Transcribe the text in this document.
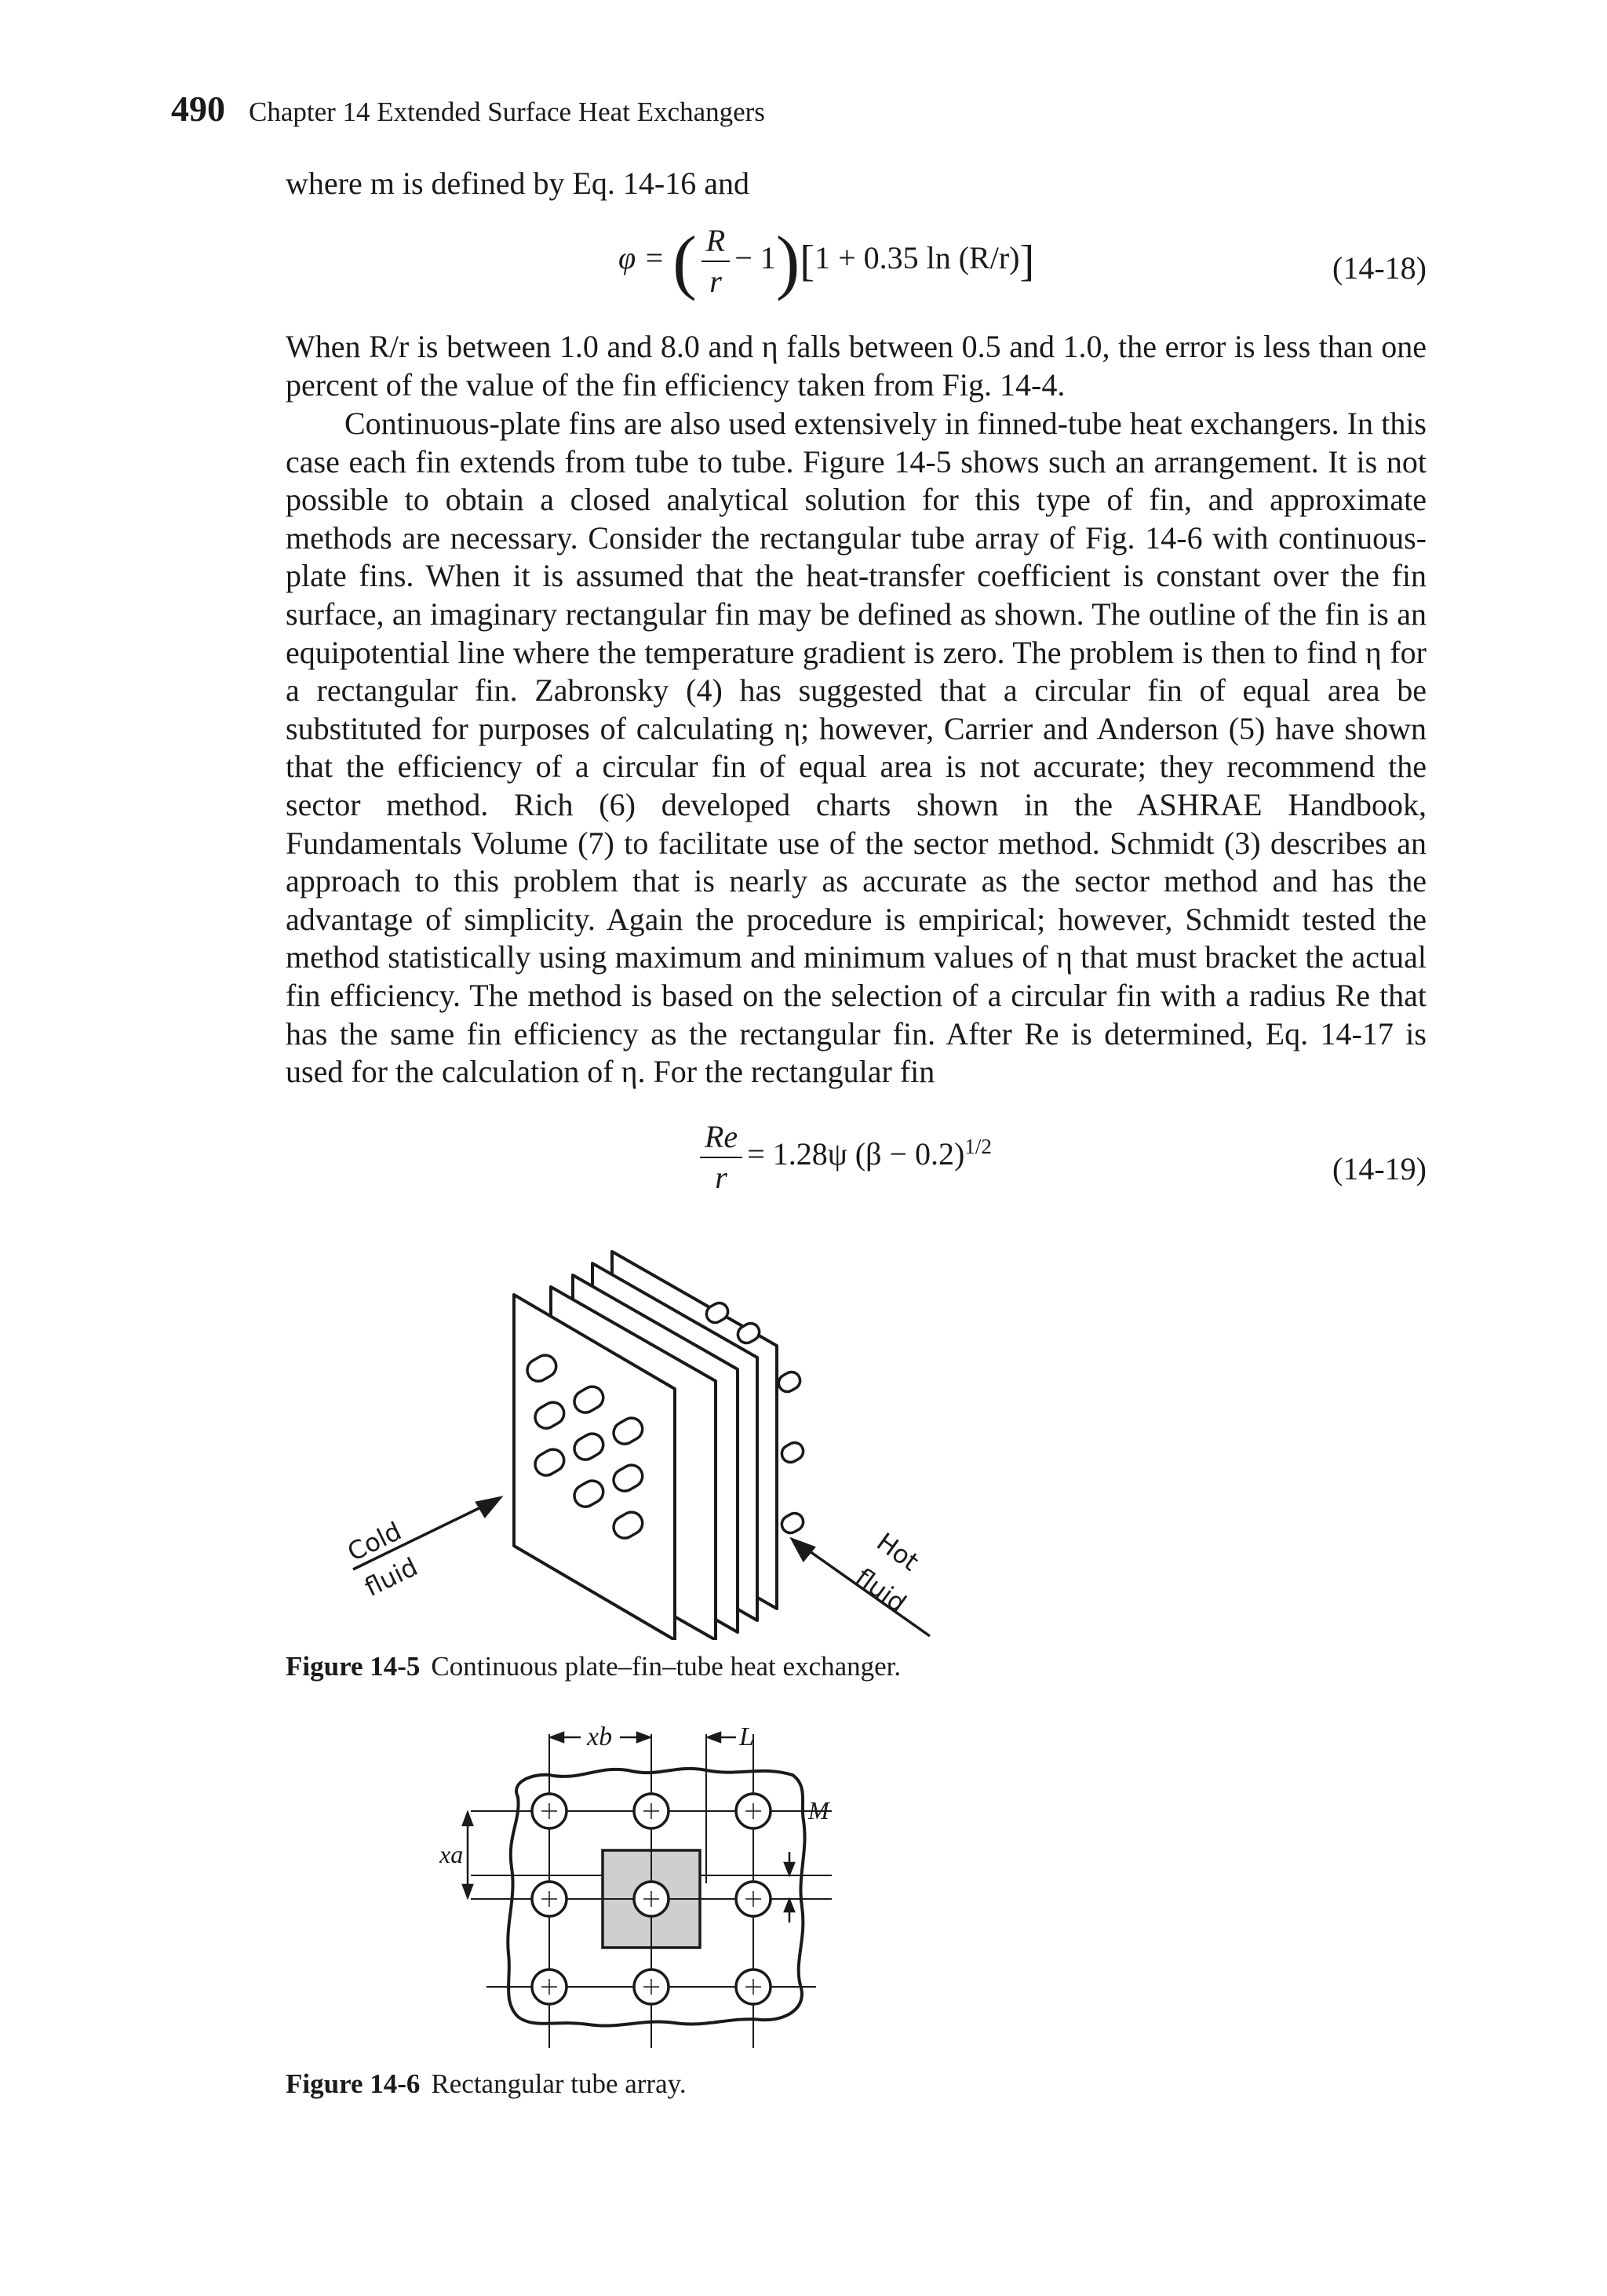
490 Chapter 14 Extended Surface Heat Exchangers

where m is defined by Eq. 14-16 and

φ = ( $\frac{R}{r} - 1)[1 + 0.35$ ln (R/r)]	(14-18)

When R/r is between 1.0 and 8.0 and η falls between 0.5 and 1.0, the error is less than one percent of the value of the fin efficiency taken from Fig. 14-4.

Continuous-plate fins are also used extensively in finned-tube heat exchangers. In this case each fin extends from tube to tube. Figure 14-5 shows such an arrangement. It is not possible to obtain a closed analytical solution for this type of fin, and approximate methods are necessary. Consider the rectangular tube array of Fig. 14-6 with continuous-plate fins. When it is assumed that the heat-transfer coefficient is constant over the fin surface, an imaginary rectangular fin may be defined as shown. The outline of the fin is an equipotential line where the temperature gradient is zero. The problem is then to find η for a rectangular fin. Zabronsky (4) has suggested that a circular fin of equal area be substituted for purposes of calculating η; however, Carrier and Anderson (5) have shown that the efficiency of a circular fin of equal area is not accurate; they recommend the sector method. Rich (6) developed charts shown in the ASHRAE Handbook, Fundamentals Volume (7) to facilitate use of the sector method. Schmidt (3) describes an approach to this problem that is nearly as accurate as the sector method and has the advantage of simplicity. Again the procedure is empirical; however, Schmidt tested the method statistically using maximum and minimum values of η that must bracket the actual fin efficiency. The method is based on the selection of a circular fin with a radius Re that has the same fin efficiency as the rectangular fin. After Re is determined, Eq. 14-17 is used for the calculation of η. For the rectangular fin

$\frac{Re}{r} = 1.28\psi$ $(\beta - 0.2)^{1/2}$
(14-19)
Cold
fluid	Hot
fluid
Figure 14-5 Continuous plate–fin–tube heat exchanger.
xb	L
M
xa
Figure 14-6 Rectangular tube array.
